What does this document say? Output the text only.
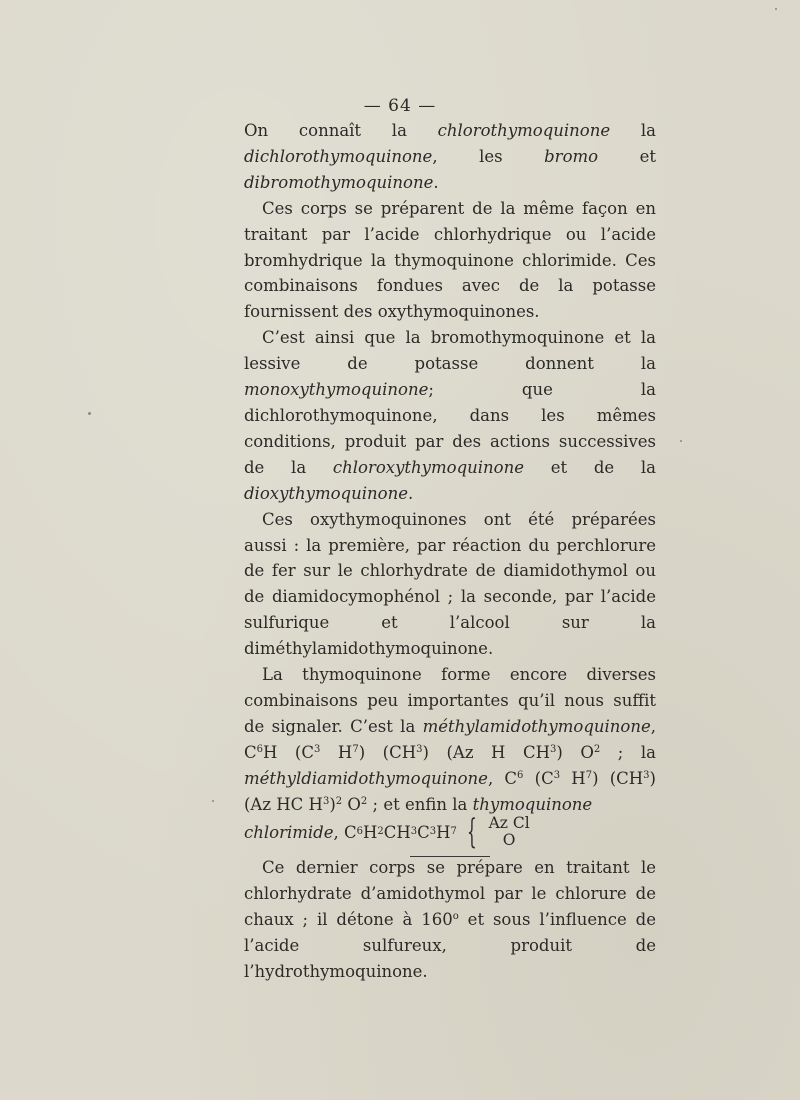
— 64 —

On connaît la chlorothymoquinone la dichlorothymoquinone, les bromo et dibromothymoquinone.

Ces corps se préparent de la même façon en traitant par l’acide chlorhydrique ou l’acide bromhydrique la thymoquinone chlorimide. Ces combinaisons fondues avec de la potasse fournissent des oxythymoquinones.

C’est ainsi que la bromothymoquinone et la lessive de potasse donnent la monoxythymoquinone; que la dichlorothymoquinone, dans les mêmes conditions, produit par des actions successives de la chloroxythymoquinone et de la dioxythymoquinone.

Ces oxythymoquinones ont été préparées aussi : la première, par réaction du perchlorure de fer sur le chlorhydrate de diamidothymol ou de diamidocymophénol ; la seconde, par l’acide sulfurique et l’alcool sur la diméthylamidothymoquinone.

La thymoquinone forme encore diverses combinaisons peu importantes qu’il nous suffit de signaler. C’est la méthylamidothymoquinone, $C^6H$ ($C^3$ $H^7$) $(CH^3)$ (Az H $CH^3$) $O^2$ ; la méthyldiamidothymoquinone, $C^6$ ($C^3$ $H^7$) $(CH^3)$ (Az HC $H^3)^2$ $O^2$ ; et enfin la thymoquinone

chlorimide , C 6 H 2 CH 3 C 3 H 7 { Az Cl
O

Ce dernier corps se prépare en traitant le chlorhydrate d’amidothymol par le chlorure de chaux ; il détone à 160$^o$ et sous l’influence de l’acide sulfureux, produit de l’hydrothymoquinone.
